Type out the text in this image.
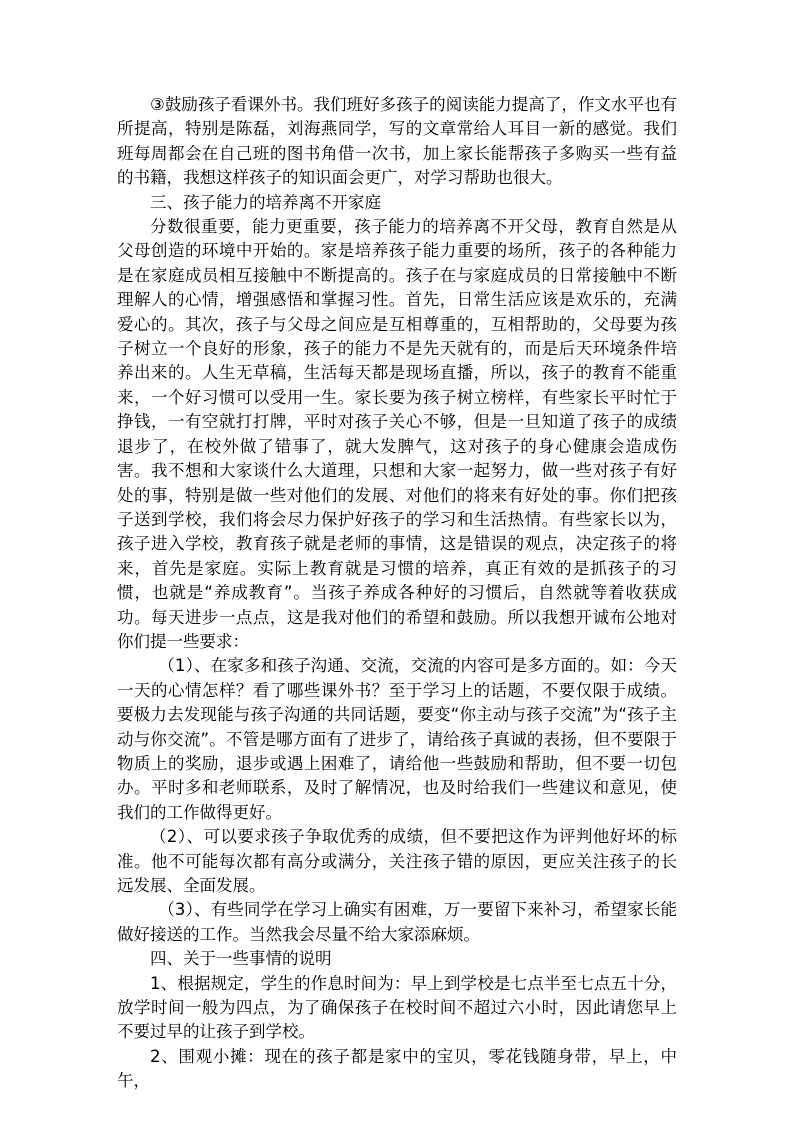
③鼓励孩子看课外书。我们班好多孩子的阅读能力提高了，作文水平也有所提高，特别是陈磊，刘海燕同学，写的文章常给人耳目一新的感觉。我们班每周都会在自己班的图书角借一次书，加上家长能帮孩子多购买一些有益的书籍，我想这样孩子的知识面会更广，对学习帮助也很大。

三、孩子能力的培养离不开家庭

分数很重要，能力更重要，孩子能力的培养离不开父母，教育自然是从父母创造的环境中开始的。家是培养孩子能力重要的场所，孩子的各种能力是在家庭成员相互接触中不断提高的。孩子在与家庭成员的日常接触中不断理解人的心情，增强感悟和掌握习性。首先，日常生活应该是欢乐的，充满爱心的。其次，孩子与父母之间应是互相尊重的，互相帮助的，父母要为孩子树立一个良好的形象，孩子的能力不是先天就有的，而是后天环境条件培养出来的。人生无草稿，生活每天都是现场直播，所以，孩子的教育不能重来，一个好习惯可以受用一生。家长要为孩子树立榜样，有些家长平时忙于挣钱，一有空就打打牌，平时对孩子关心不够，但是一旦知道了孩子的成绩退步了，在校外做了错事了，就大发脾气，这对孩子的身心健康会造成伤害。我不想和大家谈什么大道理，只想和大家一起努力，做一些对孩子有好处的事，特别是做一些对他们的发展、对他们的将来有好处的事。你们把孩子送到学校，我们将会尽力保护好孩子的学习和生活热情。有些家长以为，孩子进入学校，教育孩子就是老师的事情，这是错误的观点，决定孩子的将来，首先是家庭。实际上教育就是习惯的培养，真正有效的是抓孩子的习惯，也就是“养成教育”。当孩子养成各种好的习惯后，自然就等着收获成功。每天进步一点点，这是我对他们的希望和鼓励。所以我想开诚布公地对你们提一些要求：

（1）、在家多和孩子沟通、交流，交流的内容可是多方面的。如：今天一天的心情怎样？看了哪些课外书？至于学习上的话题，不要仅限于成绩。要极力去发现能与孩子沟通的共同话题，要变“你主动与孩子交流”为“孩子主动与你交流”。不管是哪方面有了进步了，请给孩子真诚的表扬，但不要限于物质上的奖励，退步或遇上困难了，请给他一些鼓励和帮助，但不要一切包办。平时多和老师联系，及时了解情况，也及时给我们一些建议和意见，使我们的工作做得更好。

（2）、可以要求孩子争取优秀的成绩，但不要把这作为评判他好坏的标准。他不可能每次都有高分或满分，关注孩子错的原因，更应关注孩子的长远发展、全面发展。

（3）、有些同学在学习上确实有困难，万一要留下来补习，希望家长能做好接送的工作。当然我会尽量不给大家添麻烦。

四、关于一些事情的说明

1、根据规定，学生的作息时间为：早上到学校是七点半至七点五十分，放学时间一般为四点，为了确保孩子在校时间不超过六小时，因此请您早上不要过早的让孩子到学校。

2、围观小摊：现在的孩子都是家中的宝贝，零花钱随身带，早上，中午，
